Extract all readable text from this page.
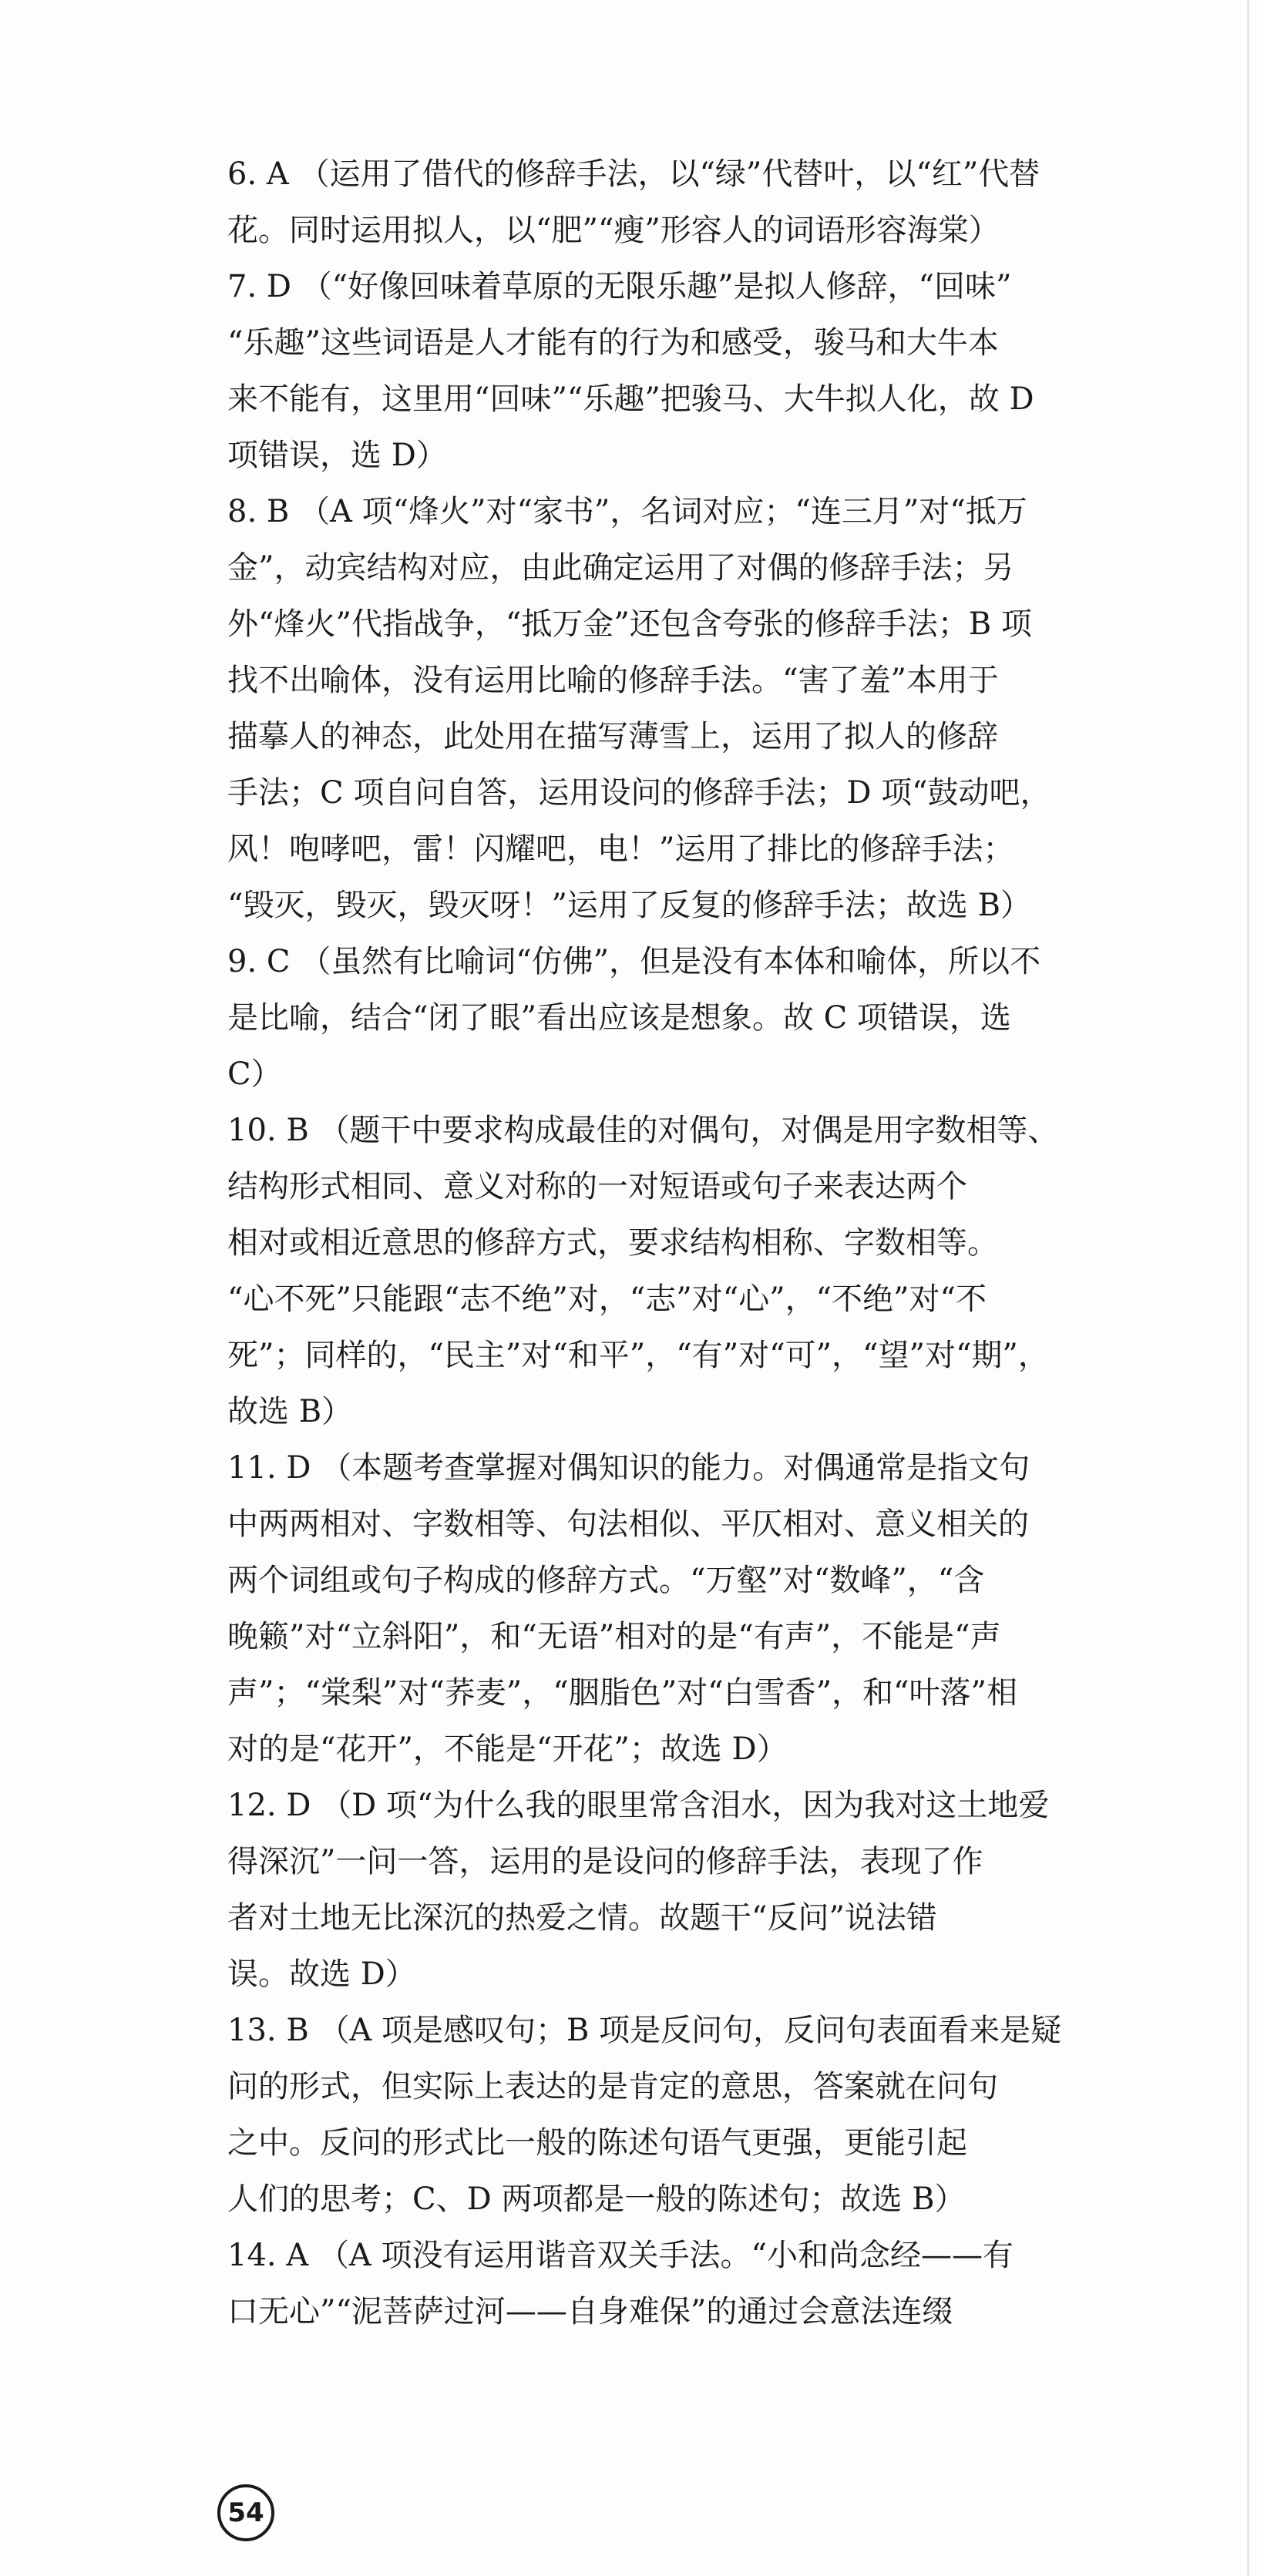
6. A （运用了借代的修辞手法，以“绿”代替叶，以“红”代替
花。同时运用拟人，以“肥”“瘦”形容人的词语形容海棠）
7. D （“好像回味着草原的无限乐趣”是拟人修辞，“回味”
“乐趣”这些词语是人才能有的行为和感受，骏马和大牛本
来不能有，这里用“回味”“乐趣”把骏马、大牛拟人化，故 D
项错误，选 D）
8. B （A 项“烽火”对“家书”，名词对应；“连三月”对“抵万
金”，动宾结构对应，由此确定运用了对偶的修辞手法；另
外“烽火”代指战争，“抵万金”还包含夸张的修辞手法；B 项
找不出喻体，没有运用比喻的修辞手法。“害了羞”本用于
描摹人的神态，此处用在描写薄雪上，运用了拟人的修辞
手法；C 项自问自答，运用设问的修辞手法；D 项“鼓动吧，
风！咆哮吧，雷！闪耀吧，电！”运用了排比的修辞手法；
“毁灭，毁灭，毁灭呀！”运用了反复的修辞手法；故选 B）
9. C （虽然有比喻词“仿佛”，但是没有本体和喻体，所以不
是比喻，结合“闭了眼”看出应该是想象。故 C 项错误，选
C）
10. B （题干中要求构成最佳的对偶句，对偶是用字数相等、
结构形式相同、意义对称的一对短语或句子来表达两个
相对或相近意思的修辞方式，要求结构相称、字数相等。
“心不死”只能跟“志不绝”对，“志”对“心”，“不绝”对“不
死”；同样的，“民主”对“和平”，“有”对“可”，“望”对“期”，
故选 B）
11. D （本题考查掌握对偶知识的能力。对偶通常是指文句
中两两相对、字数相等、句法相似、平仄相对、意义相关的
两个词组或句子构成的修辞方式。“万壑”对“数峰”，“含
晚籁”对“立斜阳”，和“无语”相对的是“有声”，不能是“声
声”；“棠梨”对“荞麦”，“胭脂色”对“白雪香”，和“叶落”相
对的是“花开”，不能是“开花”；故选 D）
12. D （D 项“为什么我的眼里常含泪水，因为我对这土地爱
得深沉”一问一答，运用的是设问的修辞手法，表现了作
者对土地无比深沉的热爱之情。故题干“反问”说法错
误。故选 D）
13. B （A 项是感叹句；B 项是反问句，反问句表面看来是疑
问的形式，但实际上表达的是肯定的意思，答案就在问句
之中。反问的形式比一般的陈述句语气更强，更能引起
人们的思考；C、D 两项都是一般的陈述句；故选 B）
14. A （A 项没有运用谐音双关手法。“小和尚念经——有
口无心”“泥菩萨过河——自身难保”的通过会意法连缀
54
